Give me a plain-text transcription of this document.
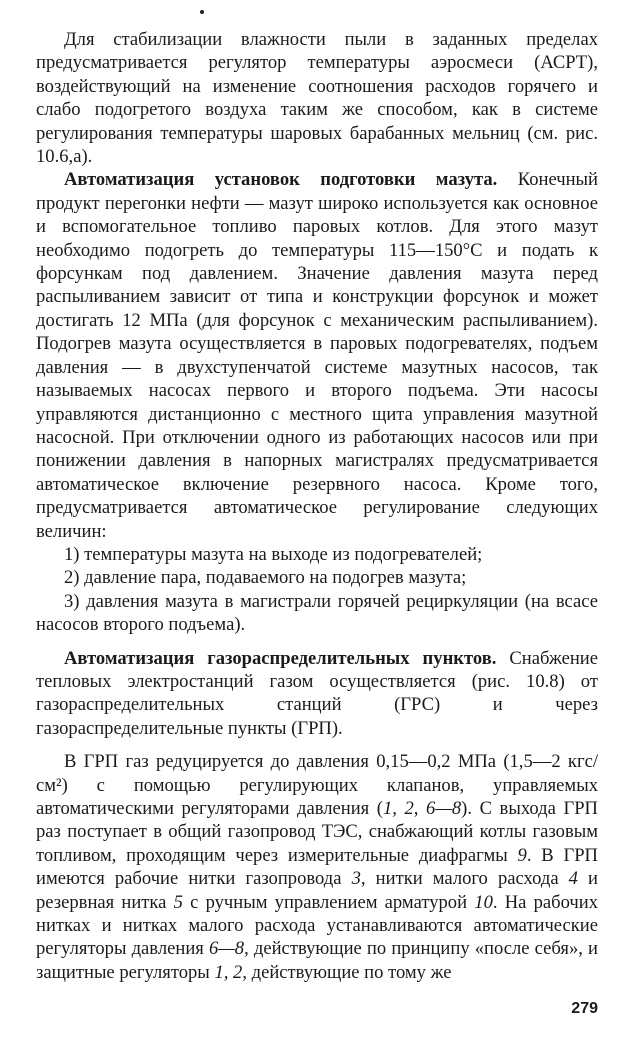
Для стабилизации влажности пыли в заданных пределах предусматривается регулятор температуры аэросмеси (АСРТ), воздействующий на изменение соотношения расходов горячего и слабо подогретого воздуха таким же способом, как в системе регулирования температуры шаровых барабанных мельниц (см. рис. 10.6,а).

Автоматизация установок подготовки мазута. Конечный продукт перегонки нефти — мазут широко используется как основное и вспомогательное топливо паровых котлов. Для этого мазут необходимо подогреть до температуры 115—150°С и подать к форсункам под давлением. Значение давления мазута перед распыливанием зависит от типа и конструкции форсунок и может достигать 12 МПа (для форсунок с механическим распыливанием). Подогрев мазута осуществляется в паровых подогревателях, подъем давления — в двухступенчатой системе мазутных насосов, так называемых насосах первого и второго подъема. Эти насосы управляются дистанционно с местного щита управления мазутной насосной. При отключении одного из работающих насосов или при понижении давления в напорных магистралях предусматривается автоматическое включение резервного насоса. Кроме того, предусматривается автоматическое регулирование следующих величин:

1) температуры мазута на выходе из подогревателей;

2) давление пара, подаваемого на подогрев мазута;

3) давления мазута в магистрали горячей рециркуляции (на всасе насосов второго подъема).

Автоматизация газораспределительных пунктов. Снабжение тепловых электростанций газом осуществляется (рис. 10.8) от газораспределительных станций (ГРС) и через газораспределительные пункты (ГРП).

В ГРП газ редуцируется до давления 0,15—0,2 МПа (1,5—2 кгс/см²) с помощью регулирующих клапанов, управляемых автоматическими регуляторами давления (1, 2, 6—8). С выхода ГРП раз поступает в общий газопровод ТЭС, снабжающий котлы газовым топливом, проходящим через измерительные диафрагмы 9. В ГРП имеются рабочие нитки газопровода 3, нитки малого расхода 4 и резервная нитка 5 с ручным управлением арматурой 10. На рабочих нитках и нитках малого расхода устанавливаются автоматические регуляторы давления 6—8, действующие по принципу «после себя», и защитные регуляторы 1, 2, действующие по тому же

279
